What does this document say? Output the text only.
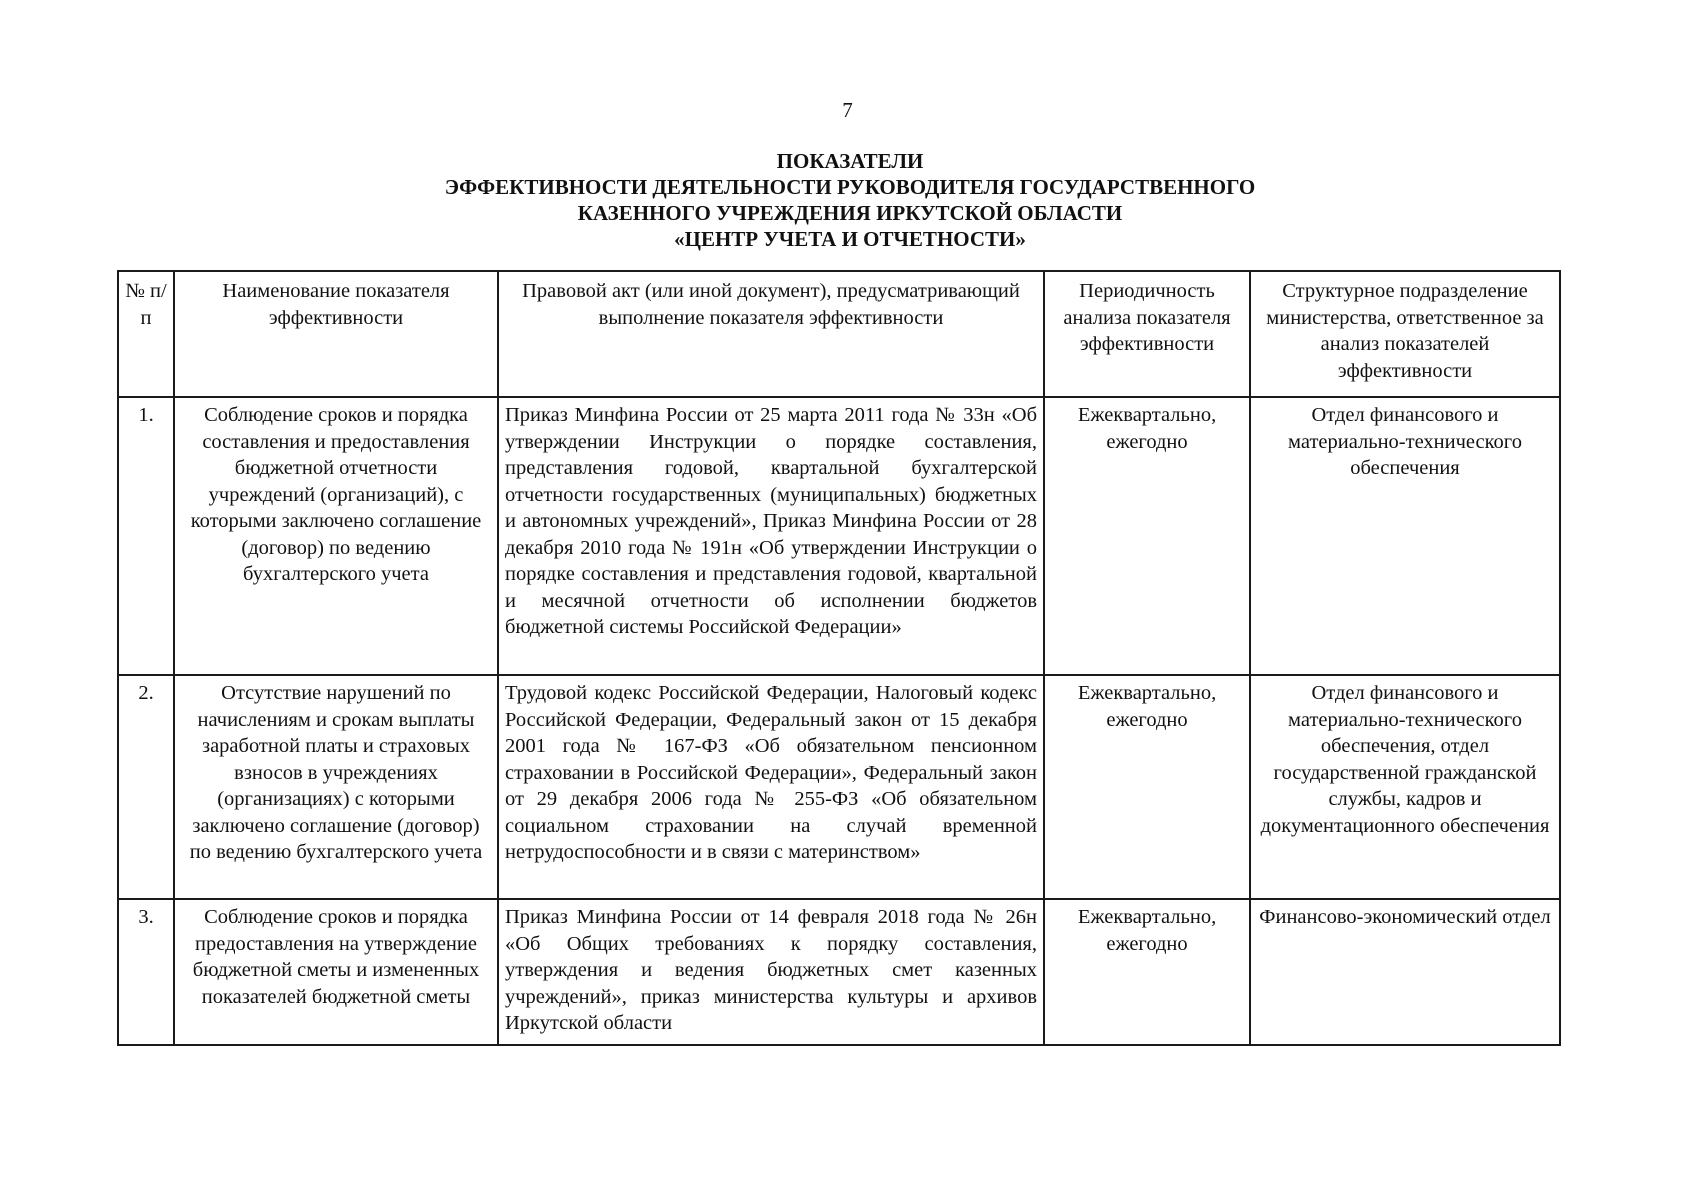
7
ПОКАЗАТЕЛИ
ЭФФЕКТИВНОСТИ ДЕЯТЕЛЬНОСТИ РУКОВОДИТЕЛЯ ГОСУДАРСТВЕННОГО
КАЗЕННОГО УЧРЕЖДЕНИЯ ИРКУТСКОЙ ОБЛАСТИ
«ЦЕНТР УЧЕТА И ОТЧЕТНОСТИ»
№ п/п	Наименование показателя эффективности	Правовой акт (или иной документ), предусматривающий выполнение показателя эффективности	Периодичность анализа показателя эффективности	Структурное подразделение министерства, ответственное за анализ показателей эффективности
1.	Соблюдение сроков и порядка составления и предоставления бюджетной отчетности учреждений (организаций), с которыми заключено соглашение (договор) по ведению бухгалтерского учета	Приказ Минфина России от 25 марта 2011 года № 33н «Об утверждении Инструкции о порядке составления, представления годовой, квартальной бухгалтерской отчетности государственных (муниципальных) бюджетных и автономных учреждений», Приказ Минфина России от 28 декабря 2010 года № 191н «Об утверждении Инструкции о порядке составления и представления годовой, квартальной и месячной отчетности об исполнении бюджетов бюджетной системы Российской Федерации»	Ежеквартально, ежегодно	Отдел финансового и материально-технического обеспечения
2.	Отсутствие нарушений по начислениям и срокам выплаты заработной платы и страховых взносов в учреждениях (организациях) с которыми заключено соглашение (договор) по ведению бухгалтерского учета	Трудовой кодекс Российской Федерации, Налоговый кодекс Российской Федерации, Федеральный закон от 15 декабря 2001 года № 167-ФЗ «Об обязательном пенсионном страховании в Российской Федерации», Федеральный закон от 29 декабря 2006 года № 255-ФЗ «Об обязательном социальном страховании на случай временной нетрудоспособности и в связи с материнством»	Ежеквартально, ежегодно	Отдел финансового и материально-технического обеспечения, отдел государственной гражданской службы, кадров и документационного обеспечения
3.	Соблюдение сроков и порядка предоставления на утверждение бюджетной сметы и измененных показателей бюджетной сметы	Приказ Минфина России от 14 февраля 2018 года № 26н «Об Общих требованиях к порядку составления, утверждения и ведения бюджетных смет казенных учреждений», приказ министерства культуры и архивов Иркутской области	Ежеквартально, ежегодно	Финансово-экономический отдел
